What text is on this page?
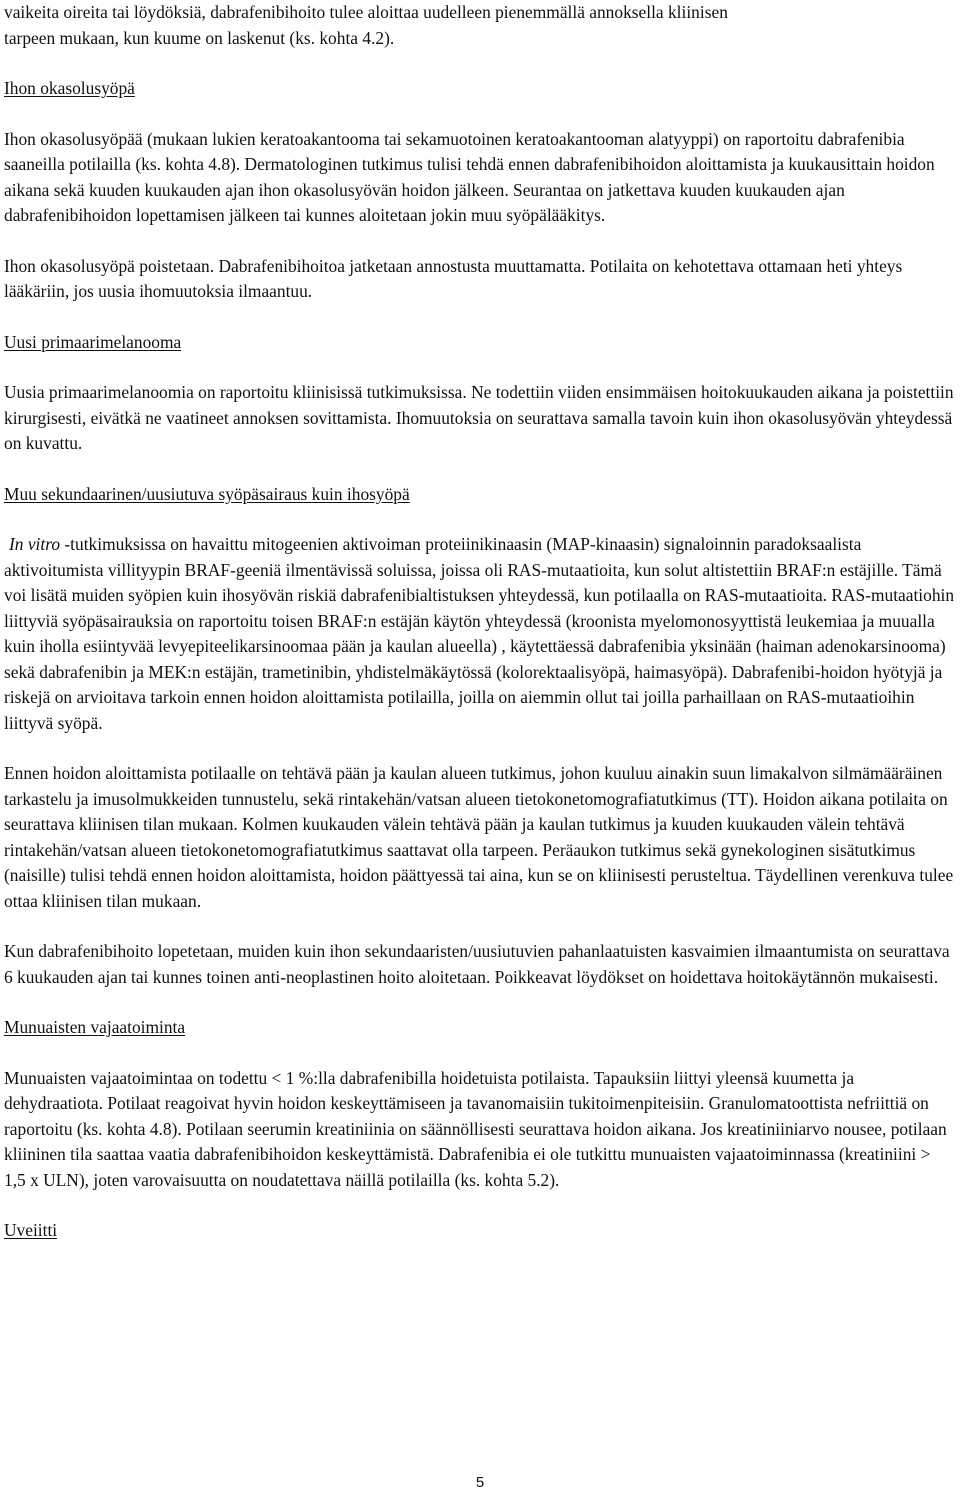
vaikeita oireita tai löydöksiä, dabrafenibihoito tulee aloittaa uudelleen pienemmällä annoksella kliinisen
tarpeen mukaan, kun kuume on laskenut (ks. kohta 4.2).

Ihon okasolusyöpä

Ihon okasolusyöpää (mukaan lukien keratoakantooma tai sekamuotoinen keratoakantooman alatyyppi) on raportoitu dabrafenibia saaneilla potilailla (ks. kohta 4.8). Dermatologinen tutkimus tulisi tehdä ennen dabrafenibihoidon aloittamista ja kuukausittain hoidon aikana sekä kuuden kuukauden ajan ihon okasolusyövän hoidon jälkeen. Seurantaa on jatkettava kuuden kuukauden ajan dabrafenibihoidon lopettamisen jälkeen tai kunnes aloitetaan jokin muu syöpälääkitys.

Ihon okasolusyöpä poistetaan. Dabrafenibihoitoa jatketaan annostusta muuttamatta. Potilaita on kehotettava ottamaan heti yhteys lääkäriin, jos uusia ihomuutoksia ilmaantuu.

Uusi primaarimelanooma

Uusia primaarimelanoomia on raportoitu kliinisissä tutkimuksissa. Ne todettiin viiden ensimmäisen hoitokuukauden aikana ja poistettiin kirurgisesti, eivätkä ne vaatineet annoksen sovittamista. Ihomuutoksia on seurattava samalla tavoin kuin ihon okasolusyövän yhteydessä on kuvattu.

Muu sekundaarinen/uusiutuva syöpäsairaus kuin ihosyöpä

In vitro -tutkimuksissa on havaittu mitogeenien aktivoiman proteiinikinaasin (MAP-kinaasin) signaloinnin paradoksaalista aktivoitumista villityypin BRAF-geeniä ilmentävissä soluissa, joissa oli RAS-mutaatioita, kun solut altistettiin BRAF:n estäjille. Tämä voi lisätä muiden syöpien kuin ihosyövän riskiä dabrafenibialtistuksen yhteydessä, kun potilaalla on RAS-mutaatioita. RAS-mutaatiohin liittyviä syöpäsairauksia on raportoitu toisen BRAF:n estäjän käytön yhteydessä (kroonista myelomonosyyttistä leukemiaa ja muualla kuin iholla esiintyvää levyepiteelikarsinoomaa pään ja kaulan alueella) , käytettäessä dabrafenibia yksinään (haiman adenokarsinooma) sekä dabrafenibin ja MEK:n estäjän, trametinibin, yhdistelmäkäytössä (kolorektaalisyöpä, haimasyöpä). Dabrafenibi-hoidon hyötyjä ja riskejä on arvioitava tarkoin ennen hoidon aloittamista potilailla, joilla on aiemmin ollut tai joilla parhaillaan on RAS-mutaatioihin liittyvä syöpä.

Ennen hoidon aloittamista potilaalle on tehtävä pään ja kaulan alueen tutkimus, johon kuuluu ainakin suun limakalvon silmämääräinen tarkastelu ja imusolmukkeiden tunnustelu, sekä rintakehän/vatsan alueen tietokonetomografiatutkimus (TT). Hoidon aikana potilaita on seurattava kliinisen tilan mukaan. Kolmen kuukauden välein tehtävä pään ja kaulan tutkimus ja kuuden kuukauden välein tehtävä rintakehän/vatsan alueen tietokonetomografiatutkimus saattavat olla tarpeen. Peräaukon tutkimus sekä gynekologinen sisätutkimus (naisille) tulisi tehdä ennen hoidon aloittamista, hoidon päättyessä tai aina, kun se on kliinisesti perusteltua. Täydellinen verenkuva tulee ottaa kliinisen tilan mukaan.

Kun dabrafenibihoito lopetetaan, muiden kuin ihon sekundaaristen/uusiutuvien pahanlaatuisten kasvaimien ilmaantumista on seurattava 6 kuukauden ajan tai kunnes toinen anti-neoplastinen hoito aloitetaan. Poikkeavat löydökset on hoidettava hoitokäytännön mukaisesti.

Munuaisten vajaatoiminta

Munuaisten vajaatoimintaa on todettu < 1 %:lla dabrafenibilla hoidetuista potilaista. Tapauksiin liittyi yleensä kuumetta ja dehydraatiota. Potilaat reagoivat hyvin hoidon keskeyttämiseen ja tavanomaisiin tukitoimenpiteisiin. Granulomatoottista nefriittiä on raportoitu (ks. kohta 4.8). Potilaan seerumin kreatiniinia on säännöllisesti seurattava hoidon aikana. Jos kreatiniiniarvo nousee, potilaan kliininen tila saattaa vaatia dabrafenibihoidon keskeyttämistä. Dabrafenibia ei ole tutkittu munuaisten vajaatoiminnassa (kreatiniini > 1,5 x ULN), joten varovaisuutta on noudatettava näillä potilailla (ks. kohta 5.2).

Uveiitti

5
